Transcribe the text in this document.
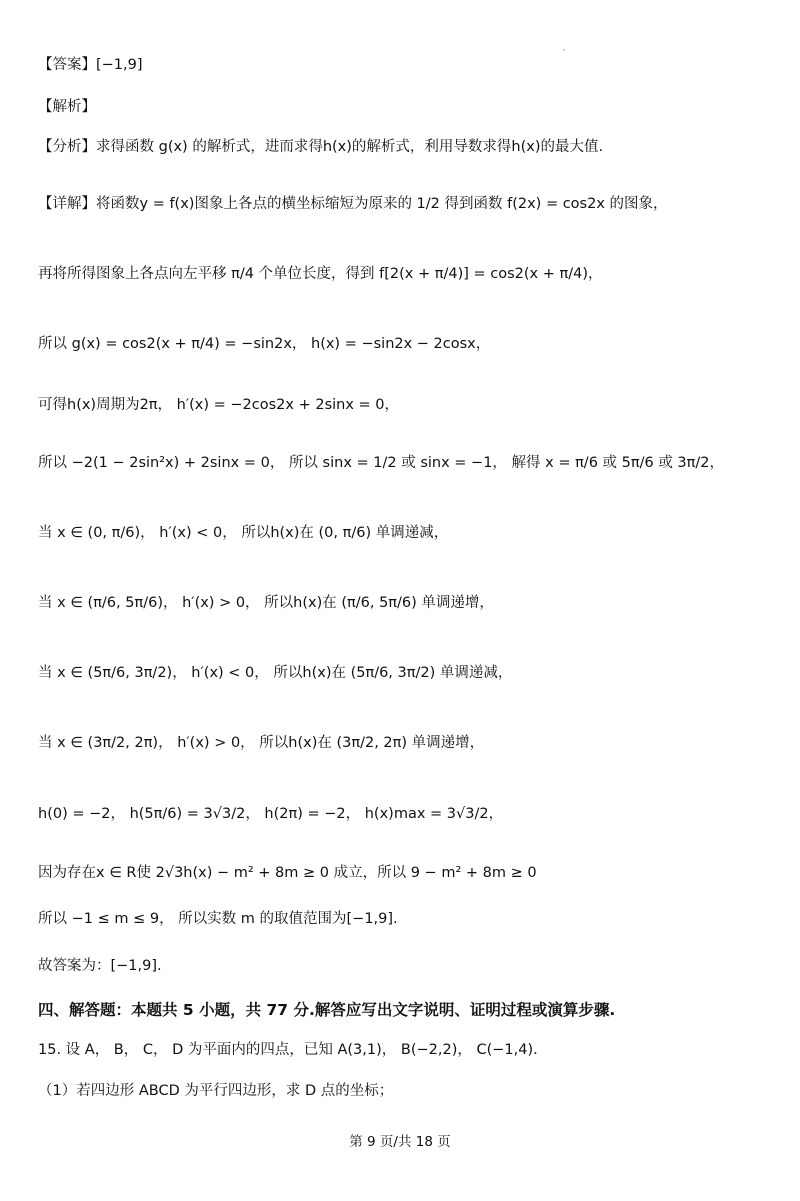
【答案】[−1,9]
【解析】
【分析】求得函数 g(x) 的解析式，进而求得h(x)的解析式，利用导数求得h(x)的最大值.
【详解】将函数y = f(x)图象上各点的横坐标缩短为原来的 1/2 得到函数 f(2x) = cos2x 的图象，
再将所得图象上各点向左平移 π/4 个单位长度，得到 f[2(x + π/4)] = cos2(x + π/4)，
所以 g(x) = cos2(x + π/4) = −sin2x， h(x) = −sin2x − 2cosx，
可得h(x)周期为2π， h′(x) = −2cos2x + 2sinx = 0，
所以 −2(1 − 2sin²x) + 2sinx = 0， 所以 sinx = 1/2 或 sinx = −1， 解得 x = π/6 或 5π/6 或 3π/2，
当 x ∈ (0, π/6)， h′(x) < 0， 所以h(x)在 (0, π/6) 单调递减，
当 x ∈ (π/6, 5π/6)， h′(x) > 0， 所以h(x)在 (π/6, 5π/6) 单调递增，
当 x ∈ (5π/6, 3π/2)， h′(x) < 0， 所以h(x)在 (5π/6, 3π/2) 单调递减，
当 x ∈ (3π/2, 2π)， h′(x) > 0， 所以h(x)在 (3π/2, 2π) 单调递增，
h(0) = −2， h(5π/6) = 3√3/2， h(2π) = −2， h(x)max = 3√3/2，
因为存在x ∈ R使 2√3h(x) − m² + 8m ≥ 0 成立，所以 9 − m² + 8m ≥ 0
所以 −1 ≤ m ≤ 9， 所以实数 m 的取值范围为[−1,9].
故答案为：[−1,9].
四、解答题：本题共 5 小题，共 77 分.解答应写出文字说明、证明过程或演算步骤.
15. 设 A， B， C， D 为平面内的四点，已知 A(3,1)， B(−2,2)， C(−1,4).
（1）若四边形 ABCD 为平行四边形，求 D 点的坐标；
第 9 页/共 18 页
